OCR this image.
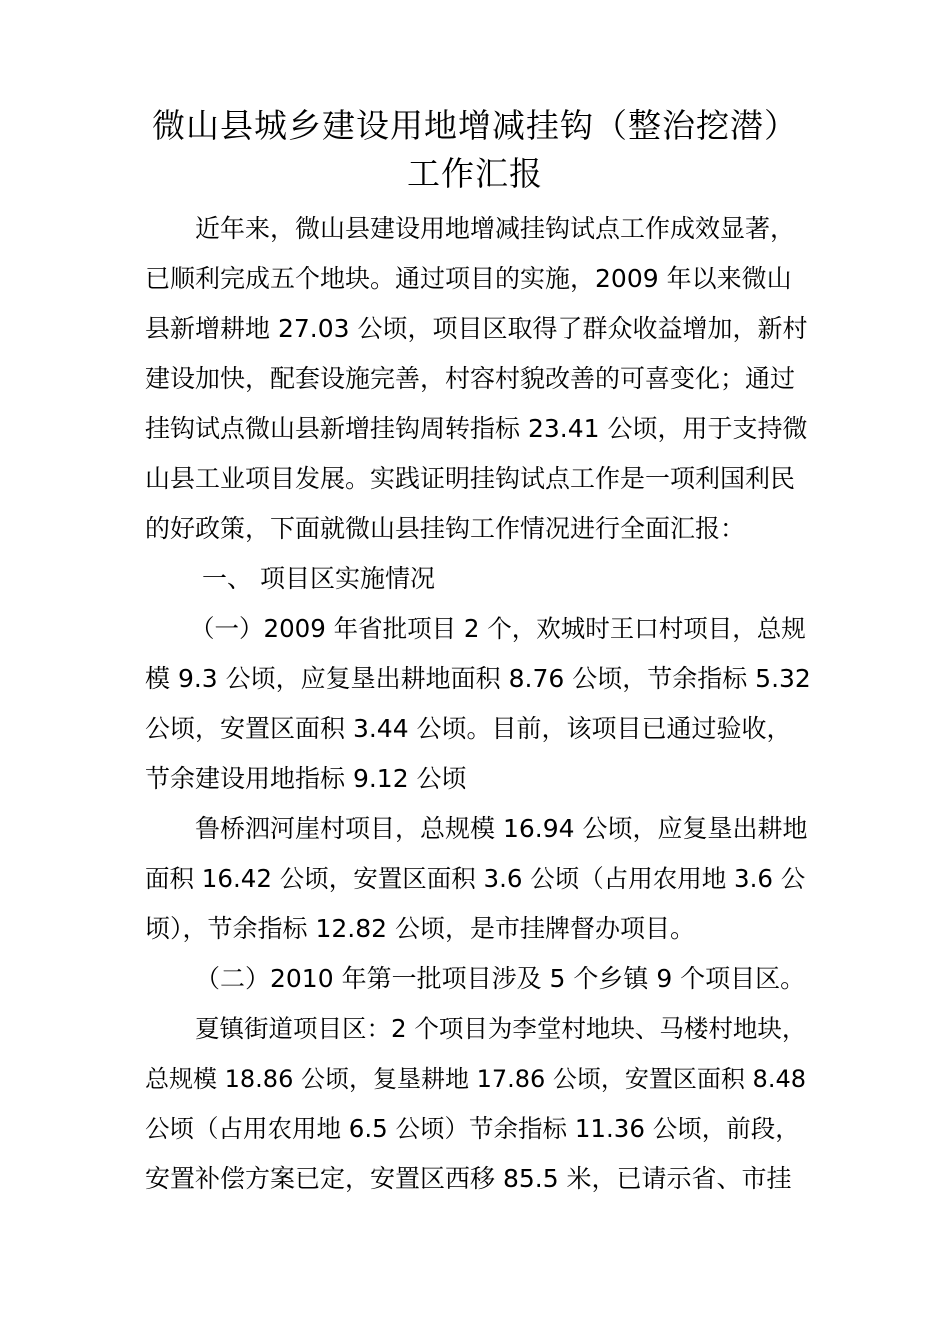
微山县城乡建设用地增减挂钩（整治挖潜）
工作汇报
近年来，微山县建设用地增减挂钩试点工作成效显著，
已顺利完成五个地块。通过项目的实施，2009 年以来微山
县新增耕地 27.03 公顷，项目区取得了群众收益增加，新村
建设加快，配套设施完善，村容村貌改善的可喜变化；通过
挂钩试点微山县新增挂钩周转指标 23.41 公顷，用于支持微
山县工业项目发展。实践证明挂钩试点工作是一项利国利民
的好政策，下面就微山县挂钩工作情况进行全面汇报：
一、 项目区实施情况
（一）2009 年省批项目 2 个，欢城时王口村项目，总规
模 9.3 公顷，应复垦出耕地面积 8.76 公顷，节余指标 5.32
公顷，安置区面积 3.44 公顷。目前，该项目已通过验收，
节余建设用地指标 9.12 公顷
鲁桥泗河崖村项目，总规模 16.94 公顷，应复垦出耕地
面积 16.42 公顷，安置区面积 3.6 公顷（占用农用地 3.6 公
顷），节余指标 12.82 公顷，是市挂牌督办项目。
（二）2010 年第一批项目涉及 5 个乡镇 9 个项目区。
夏镇街道项目区：2 个项目为李堂村地块、马楼村地块，
总规模 18.86 公顷，复垦耕地 17.86 公顷，安置区面积 8.48
公顷（占用农用地 6.5 公顷）节余指标 11.36 公顷，前段，
安置补偿方案已定，安置区西移 85.5 米，已请示省、市挂
